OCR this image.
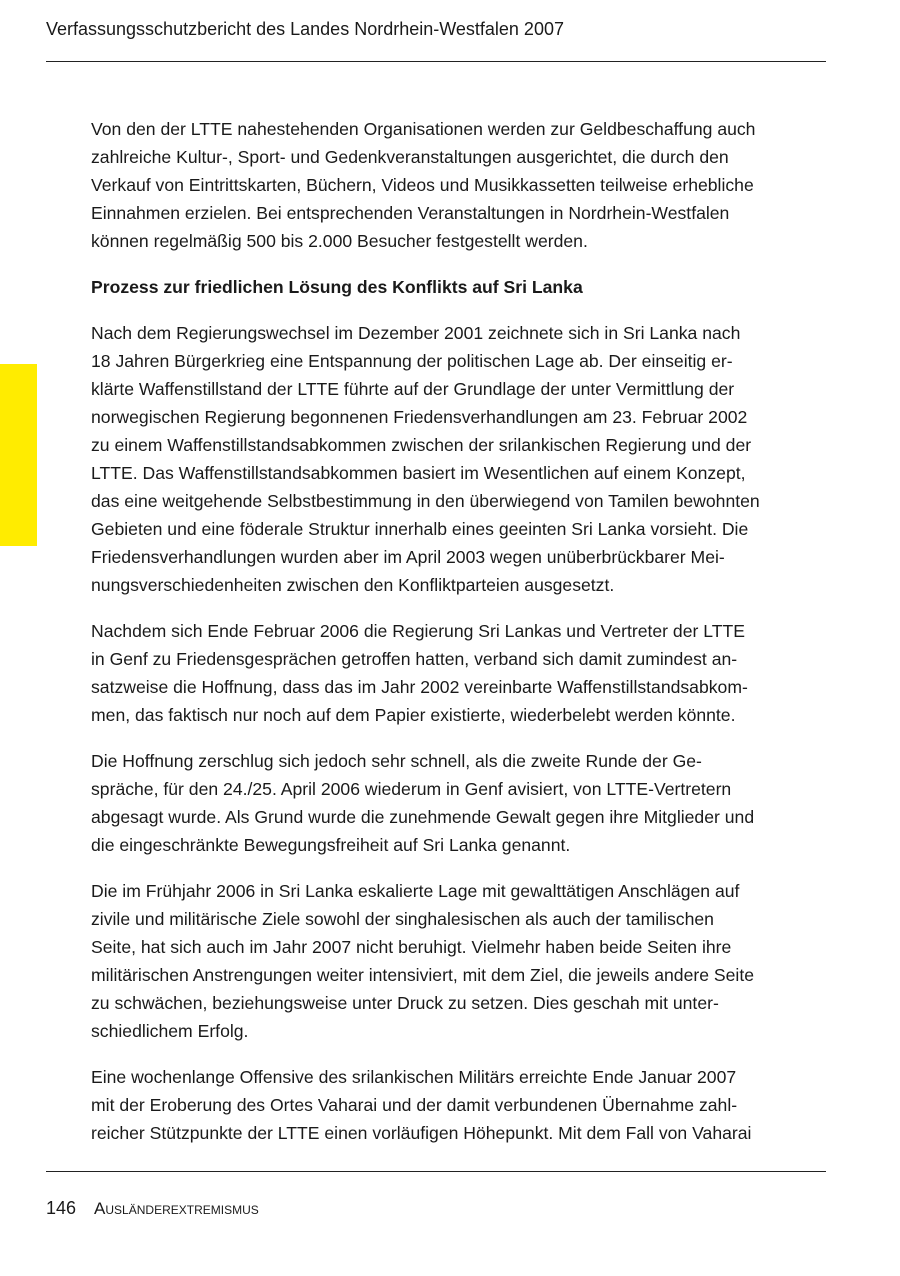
Verfassungsschutzbericht des Landes Nordrhein-Westfalen 2007
Von den der LTTE nahestehenden Organisationen werden zur Geldbeschaffung auch
zahlreiche Kultur-, Sport- und Gedenkveranstaltungen ausgerichtet, die durch den
Verkauf von Eintrittskarten, Büchern, Videos und Musikkassetten teilweise erhebliche
Einnahmen erzielen. Bei entsprechenden Veranstaltungen in Nordrhein-Westfalen
können regelmäßig 500 bis 2.000 Besucher festgestellt werden.
Prozess zur friedlichen Lösung des Konflikts auf Sri Lanka
Nach dem Regierungswechsel im Dezember 2001 zeichnete sich in Sri Lanka nach
18 Jahren Bürgerkrieg eine Entspannung der politischen Lage ab. Der einseitig er-
klärte Waffenstillstand der LTTE führte auf der Grundlage der unter Vermittlung der
norwegischen Regierung begonnenen Friedensverhandlungen am 23. Februar 2002
zu einem Waffenstillstandsabkommen zwischen der srilankischen Regierung und der
LTTE. Das Waffenstillstandsabkommen basiert im Wesentlichen auf einem Konzept,
das eine weitgehende Selbstbestimmung in den überwiegend von Tamilen bewohnten
Gebieten und eine föderale Struktur innerhalb eines geeinten Sri Lanka vorsieht. Die
Friedensverhandlungen wurden aber im April 2003 wegen unüberbrückbarer Mei-
nungsverschiedenheiten zwischen den Konfliktparteien ausgesetzt.
Nachdem sich Ende Februar 2006 die Regierung Sri Lankas und Vertreter der LTTE
in Genf zu Friedensgesprächen getroffen hatten, verband sich damit zumindest an-
satzweise die Hoffnung, dass das im Jahr 2002 vereinbarte Waffenstillstandsabkom-
men, das faktisch nur noch auf dem Papier existierte, wiederbelebt werden könnte.
Die Hoffnung zerschlug sich jedoch sehr schnell, als die zweite Runde der Ge-
spräche, für den 24./25. April 2006 wiederum in Genf avisiert, von LTTE-Vertretern
abgesagt wurde. Als Grund wurde die zunehmende Gewalt gegen ihre Mitglieder und
die eingeschränkte Bewegungsfreiheit auf Sri Lanka genannt.
Die im Frühjahr 2006 in Sri Lanka eskalierte Lage mit gewalttätigen Anschlägen auf
zivile und militärische Ziele sowohl der singhalesischen als auch der tamilischen
Seite, hat sich auch im Jahr 2007 nicht beruhigt. Vielmehr haben beide Seiten ihre
militärischen Anstrengungen weiter intensiviert, mit dem Ziel, die jeweils andere Seite
zu schwächen, beziehungsweise unter Druck zu setzen. Dies geschah mit unter-
schiedlichem Erfolg.
Eine wochenlange Offensive des srilankischen Militärs erreichte Ende Januar 2007
mit der Eroberung des Ortes Vaharai und der damit verbundenen Übernahme zahl-
reicher Stützpunkte der LTTE einen vorläufigen Höhepunkt. Mit dem Fall von Vaharai
146 Ausländerextremismus
